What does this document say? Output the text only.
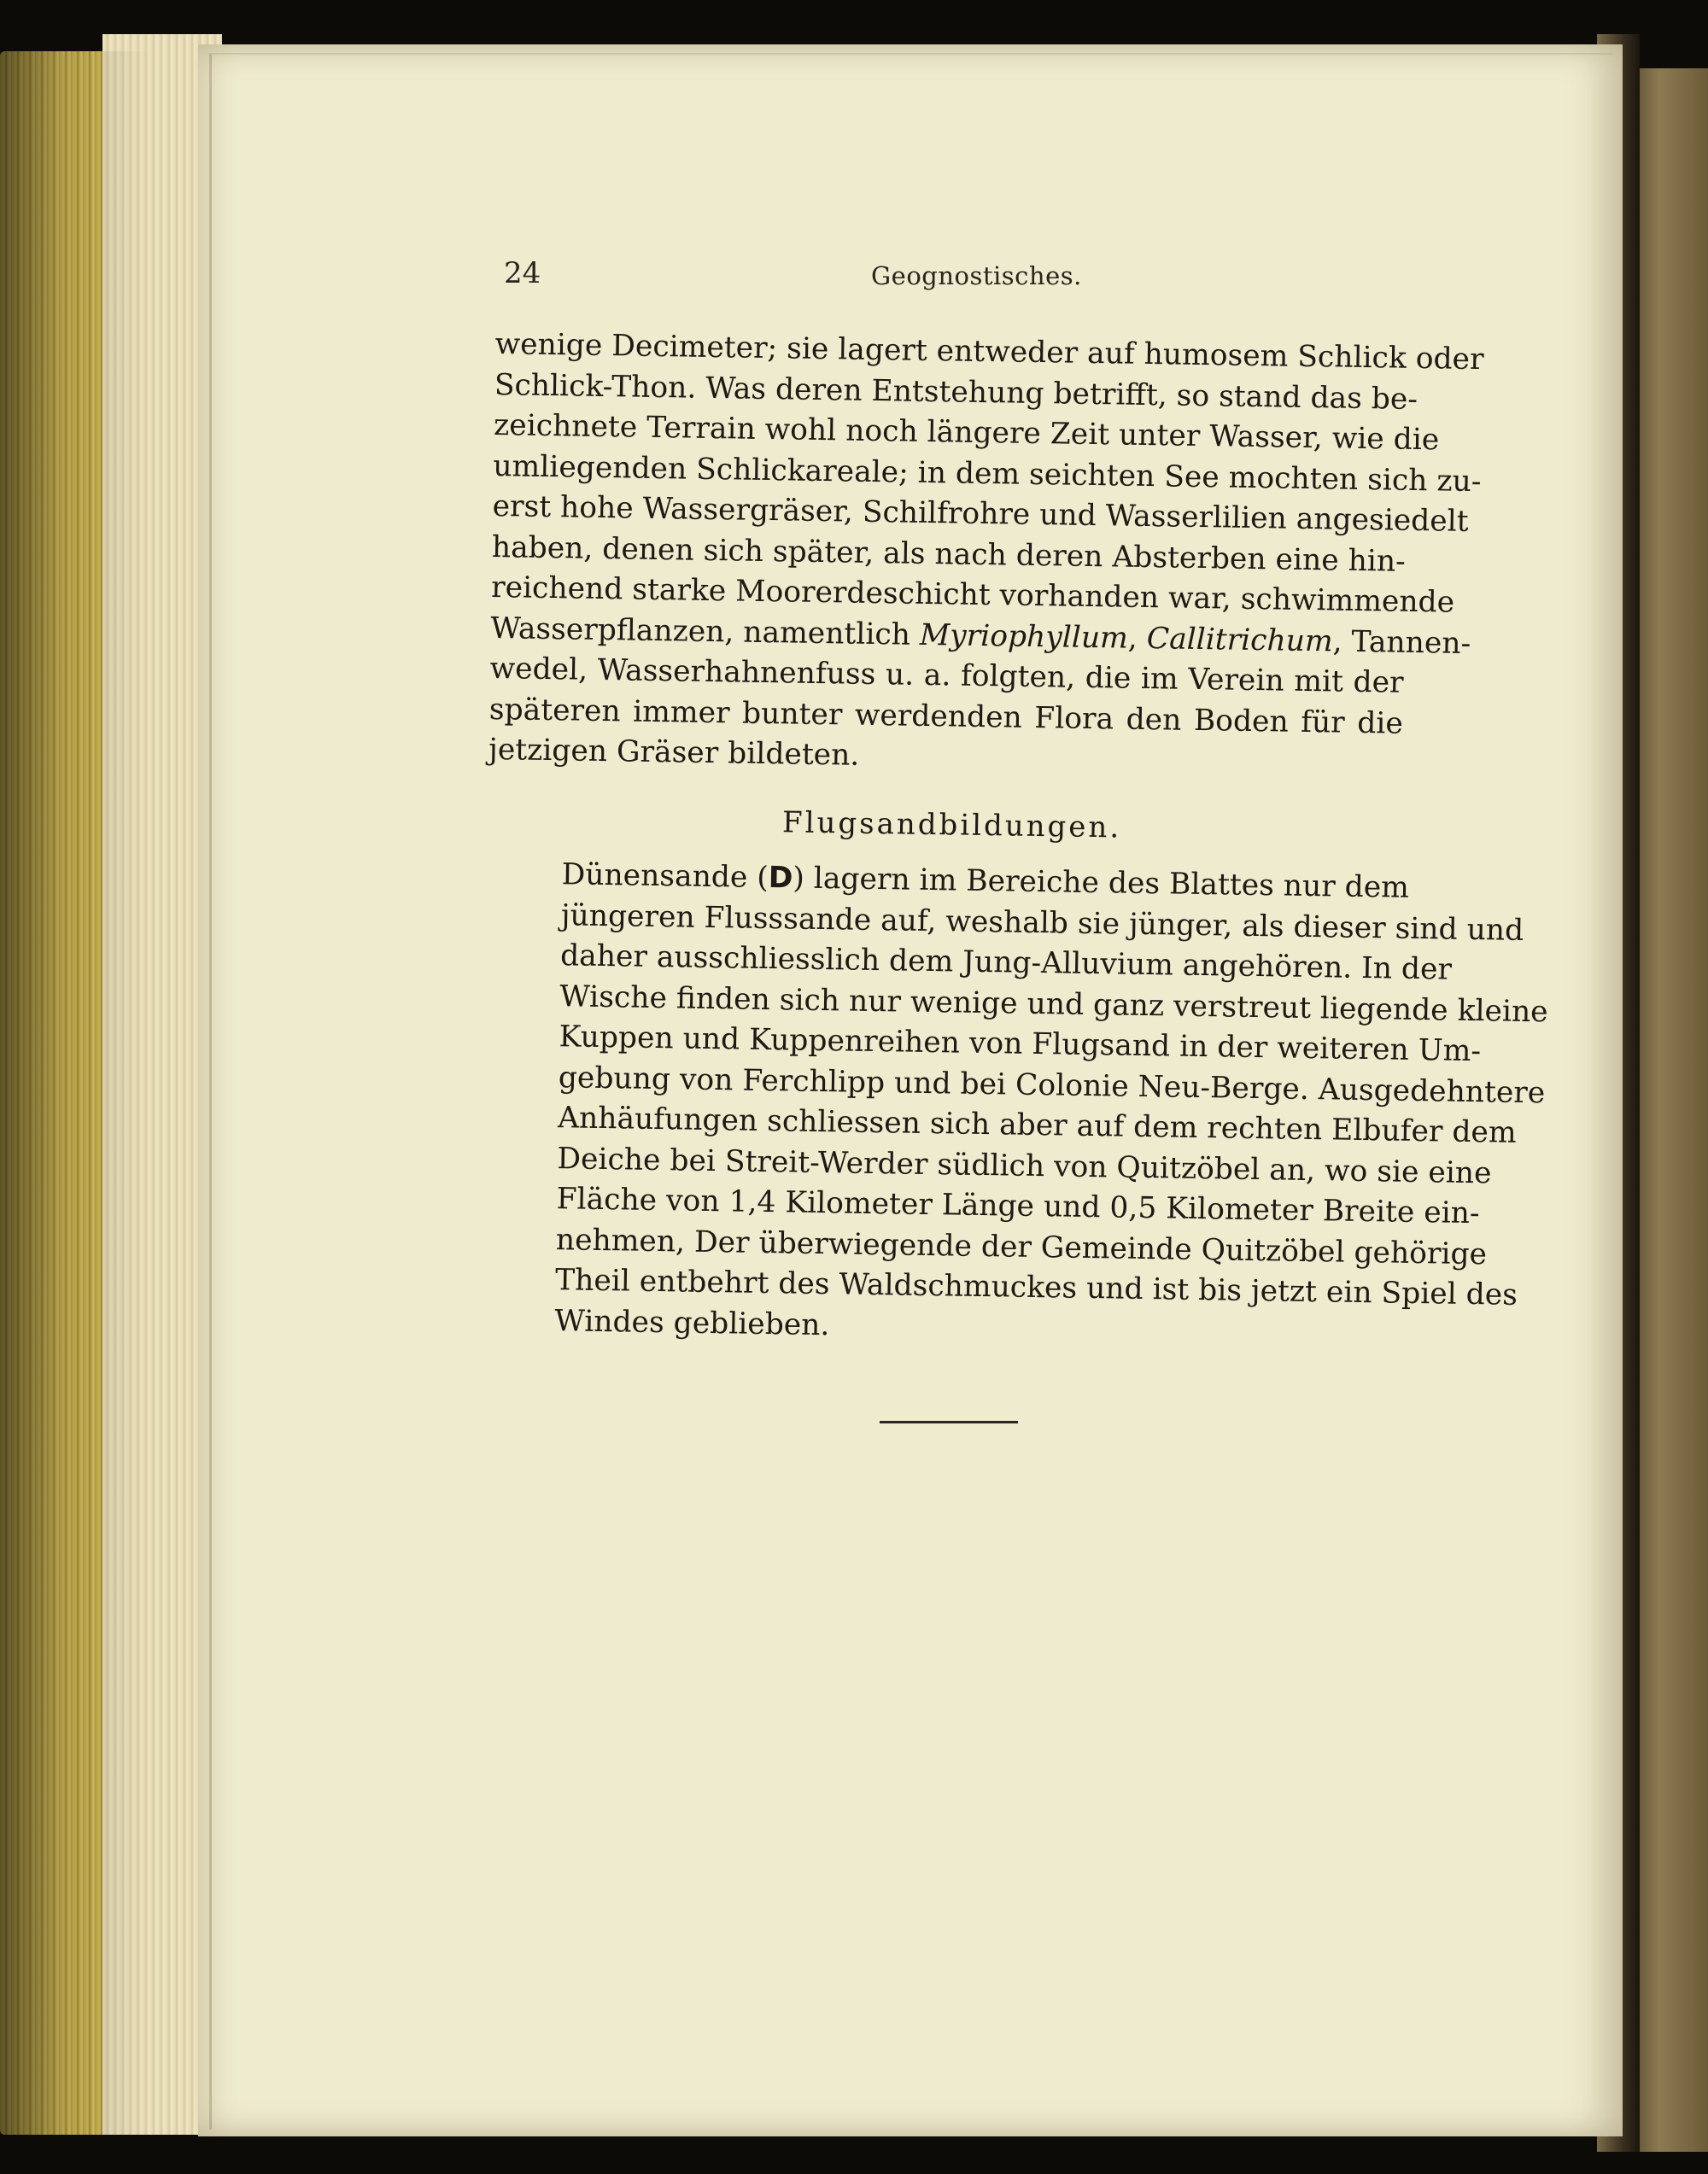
24	Geognostisches.
wenige Decimeter; sie lagert entweder auf humosem Schlick oder
Schlick-Thon. Was deren Entstehung betrifft, so stand das be-
zeichnete Terrain wohl noch längere Zeit unter Wasser, wie die
umliegenden Schlickareale; in dem seichten See mochten sich zu-
erst hohe Wassergräser, Schilfrohre und Wasserlilien angesiedelt
haben, denen sich später, als nach deren Absterben eine hin-
reichend starke Moorerdeschicht vorhanden war, schwimmende
Wasserpflanzen, namentlich Myriophyllum, Callitrichum, Tannen-
wedel, Wasserhahnenfuss u. a. folgten, die im Verein mit der
späteren immer bunter werdenden Flora den Boden für die
jetzigen Gräser bildeten.
Flugsandbildungen.
Dünensande (D) lagern im Bereiche des Blattes nur dem
jüngeren Flusssande auf, weshalb sie jünger, als dieser sind und
daher ausschliesslich dem Jung-Alluvium angehören. In der
Wische finden sich nur wenige und ganz verstreut liegende kleine
Kuppen und Kuppenreihen von Flugsand in der weiteren Um-
gebung von Ferchlipp und bei Colonie Neu-Berge. Ausgedehntere
Anhäufungen schliessen sich aber auf dem rechten Elbufer dem
Deiche bei Streit-Werder südlich von Quitzöbel an, wo sie eine
Fläche von 1,4 Kilometer Länge und 0,5 Kilometer Breite ein-
nehmen, Der überwiegende der Gemeinde Quitzöbel gehörige
Theil entbehrt des Waldschmuckes und ist bis jetzt ein Spiel des
Windes geblieben.
